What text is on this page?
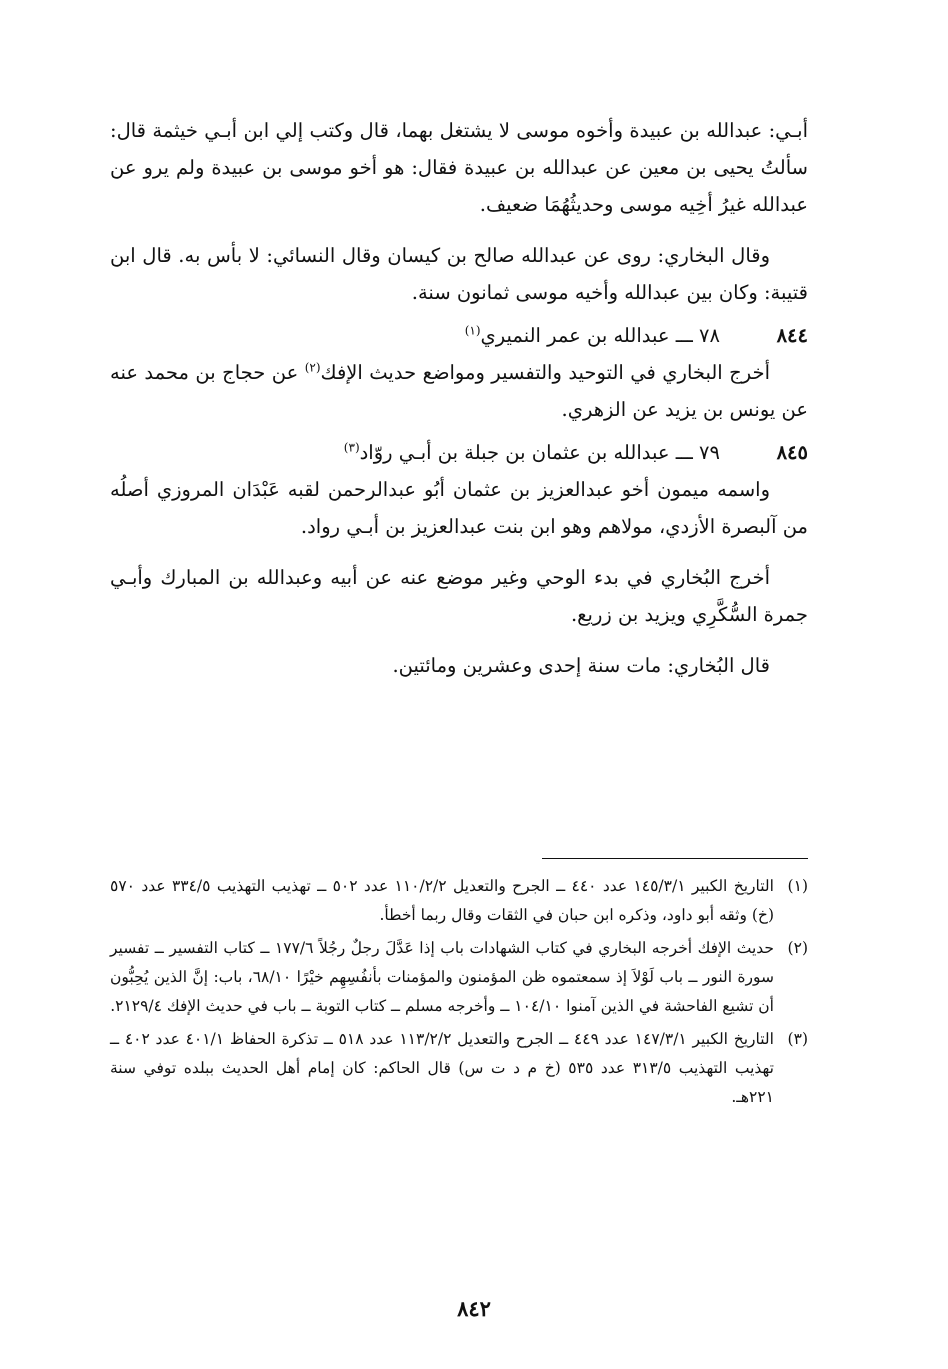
أبـي: عبدالله بن عبيدة وأخوه موسى لا يشتغل بهما، قال وكتب إلي ابن أبـي خيثمة قال: سألتُ يحيى بن معين عن عبدالله بن عبيدة فقال: هو أخو موسى بن عبيدة ولم يرو عن عبدالله غيرُ أخِيه موسى وحديثُهُمَا ضعيف.

وقال البخاري: روى عن عبدالله صالح بن كيسان وقال النسائي: لا بأس به. قال ابن قتيبة: وكان بين عبدالله وأخيه موسى ثمانون سنة.

٨٤٤
٧٨ ـــ عبدالله بن عمر النميري$^{(١)}$

أخرج البخاري في التوحيد والتفسير ومواضع حديث الإفك$^{(٢)}$ عن حجاج بن محمد عنه عن يونس بن يزيد عن الزهري.

٨٤٥
٧٩ ـــ عبدالله بن عثمان بن جبلة بن أبـي روّاد$^{(٣)}$

واسمه ميمون أخو عبدالعزيز بن عثمان أبُو عبدالرحمن لقبه عَبْدَان المروزي أصلُه من آلبصرة الأزدي، مولاهم وهو ابن بنت عبدالعزيز بن أبـي رواد.

أخرج البُخاري في بدء الوحي وغير موضع عنه عن أبيه وعبدالله بن المبارك وأبـي جمرة السُّكَّرِي ويزيد بن زريع.

قال البُخاري: مات سنة إحدى وعشرين ومائتين.

(١)
التاريخ الكبير ١٤٥/٣/١ عدد ٤٤٠ ــ الجرح والتعديل ١١٠/٢/٢ عدد ٥٠٢ ــ تهذيب التهذيب ٣٣٤/٥ عدد ٥٧٠ (خ) وثقه أبو داود، وذكره ابن حبان في الثقات وقال ربما أخطأ.
(٢)
حديث الإفك أخرجه البخاري في كتاب الشهادات باب إذا عَدَّلَ رجلٌ رجُلاً ١٧٧/٦ ــ كتاب التفسير ــ تفسير سورة النور ــ باب لَوْلاَ إذ سمعتموه ظن المؤمنون والمؤمنات بأنفُسِهِم خيْرًا ٦٨/١٠، باب: إنَّ الذين يُحِبُّون أن تشيع الفاحشة في الذين آمنوا ١٠٤/١٠ ــ وأخرجه مسلم ــ كتاب التوبة ــ باب في حديث الإفك ٢١٢٩/٤.
(٣)
التاريخ الكبير ١٤٧/٣/١ عدد ٤٤٩ ــ الجرح والتعديل ١١٣/٢/٢ عدد ٥١٨ ــ تذكرة الحفاظ ٤٠١/١ عدد ٤٠٢ ــ تهذيب التهذيب ٣١٣/٥ عدد ٥٣٥ (خ م د ت س) قال الحاكم: كان إمام أهل الحديث ببلده توفي سنة ٢٢١هـ.
٨٤٢
